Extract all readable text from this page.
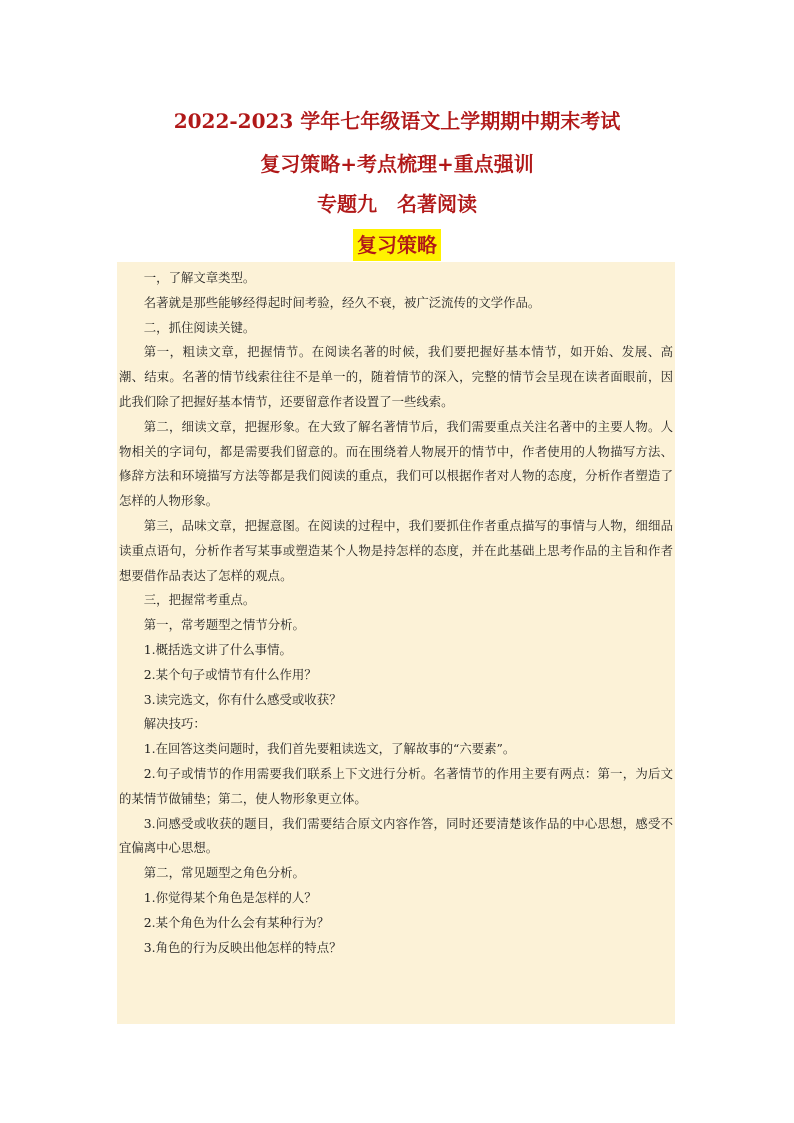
2022-2023 学年七年级语文上学期期中期末考试
复习策略+考点梳理+重点强训
专题九　名著阅读
复习策略

一，了解文章类型。

名著就是那些能够经得起时间考验，经久不衰，被广泛流传的文学作品。

二，抓住阅读关键。

第一，粗读文章，把握情节。在阅读名著的时候，我们要把握好基本情节，如开始、发展、高潮、结束。名著的情节线索往往不是单一的，随着情节的深入，完整的情节会呈现在读者面眼前，因此我们除了把握好基本情节，还要留意作者设置了一些线索。

第二，细读文章，把握形象。在大致了解名著情节后，我们需要重点关注名著中的主要人物。人物相关的字词句，都是需要我们留意的。而在围绕着人物展开的情节中，作者使用的人物描写方法、修辞方法和环境描写方法等都是我们阅读的重点，我们可以根据作者对人物的态度，分析作者塑造了怎样的人物形象。

第三，品味文章，把握意图。在阅读的过程中，我们要抓住作者重点描写的事情与人物，细细品读重点语句，分析作者写某事或塑造某个人物是持怎样的态度，并在此基础上思考作品的主旨和作者想要借作品表达了怎样的观点。

三，把握常考重点。

第一，常考题型之情节分析。

1.概括选文讲了什么事情。

2.某个句子或情节有什么作用？

3.读完选文，你有什么感受或收获？

解决技巧：

1.在回答这类问题时，我们首先要粗读选文，了解故事的“六要素”。

2.句子或情节的作用需要我们联系上下文进行分析。名著情节的作用主要有两点：第一，为后文的某情节做铺垫；第二，使人物形象更立体。

3.问感受或收获的题目，我们需要结合原文内容作答，同时还要清楚该作品的中心思想，感受不宜偏离中心思想。

第二，常见题型之角色分析。

1.你觉得某个角色是怎样的人？

2.某个角色为什么会有某种行为？

3.角色的行为反映出他怎样的特点？
